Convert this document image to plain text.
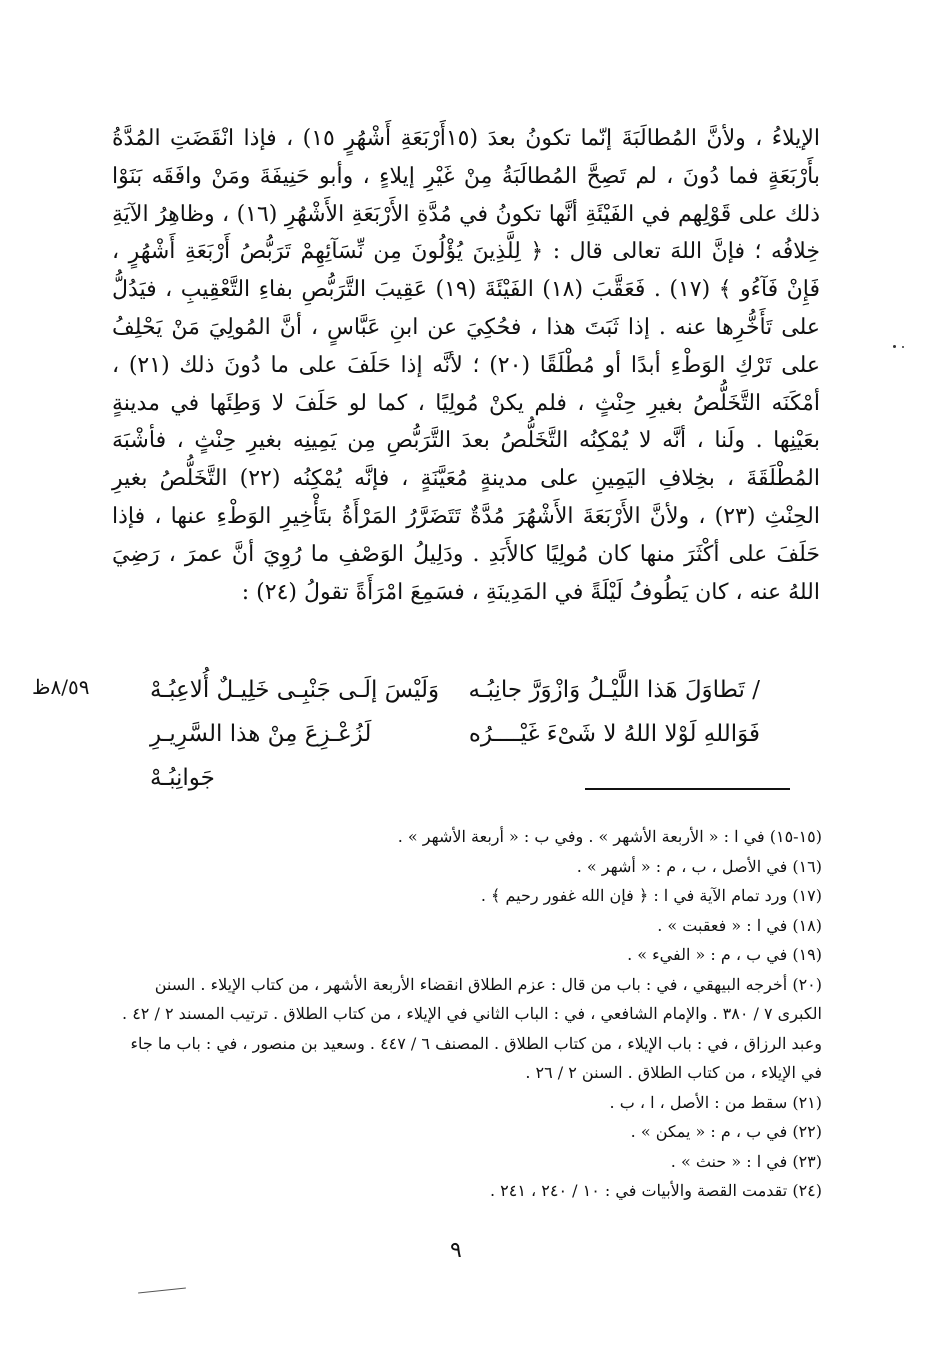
الإيلاءُ ، ولأنَّ المُطالَبَةَ إنّما تكونُ بعدَ (١٥أَرْبَعَةِ أَشْهُرٍ ١٥) ، فإذا انْقَضَتِ المُدَّةُ بأَرْبَعَةٍ فما دُونَ ، لم تَصِحَّ المُطالَبَةُ مِنْ غَيْرِ إيلاءٍ ، وأبو حَنِيفَةَ ومَنْ وافَقَه بَنَوْا ذلك على قَوْلِهم في الفَيْئَةِ أنَّها تكونُ في مُدَّةِ الأَرْبَعَةِ الأَشْهُرِ (١٦) ، وظاهِرُ الآيَةِ خِلافُه ؛ فإنَّ اللهَ تعالى قال : ﴿ لِلَّذِينَ يُؤْلُونَ مِن نِّسَآئِهِمْ تَرَبُّصُ أَرْبَعَةِ أَشْهُرٍ ، فَإِنْ فَآءُو ﴾ (١٧) . فَعَقَّبَ (١٨) الفَيْئَةَ (١٩) عَقِيبَ التَّرَبُّصِ بفاءِ التَّعْقِيبِ ، فيَدُلُّ على تَأَخُّرِها عنه . إذا ثَبَتَ هذا ، فحُكِيَ عن ابنِ عَبَّاسٍ ، أنَّ المُولِيَ مَنْ يَحْلِفُ على تَرْكِ الوَطْءِ أبدًا أو مُطْلَقًا (٢٠) ؛ لأنَّه إذا حَلَفَ على ما دُونَ ذلك (٢١) ، أمْكَنَه التَّخَلُّصُ بغيرِ حِنْثٍ ، فلم يكنْ مُولِيًا ، كما لو حَلَفَ لا وَطِئَها في مدينةٍ بعَيْنِها . ولَنا ، أنَّه لا يُمْكِنُه التَّخَلُّصُ بعدَ التَّرَبُّصِ مِن يَمِينِه بغيرِ حِنْثٍ ، فأشْبَهَ المُطْلَقَةَ ، بخِلافِ اليَمِينِ على مدينةٍ مُعَيَّنَةٍ ، فإنَّه يُمْكِنُه (٢٢) التَّخَلُّصُ بغيرِ الحِنْثِ (٢٣) ، ولأنَّ الأَرْبَعَةَ الأَشْهُرَ مُدَّةٌ تَتَضَرَّرُ المَرْأَةُ بتَأْخِيرِ الوَطْءِ عنها ، فإذا حَلَفَ على أكْثَرَ منها كان مُولِيًا كالأَبَدِ . ودَلِيلُ الوَصْفِ ما رُوِيَ أنَّ عمرَ ، رَضِيَ اللهُ عنه ، كان يَطُوفُ لَيْلَةً في المَدِينَةِ ، فسَمِعَ امْرَأَةً تقولُ (٢٤) :

٨/٥٩ظ	/ تَطاوَلَ هَذا اللَّيْـلُ وَازْوَرَّ جانِبُـه
وَلَيْسَ إلَـى جَنْبِـى خَلِيـلٌ أُلاعِبُـهْ
فَوَاللهِ لَوْلا اللهُ لا شَىْءَ غَيْــــرُه
لَزُعْـزِعَ مِنْ هذا السَّرِيـرِ جَوانِبُـهْ

(١٥-١٥) في ا : « الأربعة الأشهر » . وفي ب : « أربعة الأشهر » .

(١٦) في الأصل ، ب ، م : « أشهر » .

(١٧) ورد تمام الآية في ا : ﴿ فإن الله غفور رحيم ﴾ .

(١٨) في ا : « فعقبت » .

(١٩) في ب ، م : « الفيء » .

(٢٠) أخرجه البيهقي ، في : باب من قال : عزم الطلاق انقضاء الأربعة الأشهر ، من كتاب الإيلاء . السنن الكبرى ٧ / ٣٨٠ . والإمام الشافعي ، في : الباب الثاني في الإيلاء ، من كتاب الطلاق . ترتيب المسند ٢ / ٤٢ . وعبد الرزاق ، في : باب الإيلاء ، من كتاب الطلاق . المصنف ٦ / ٤٤٧ . وسعيد بن منصور ، في : باب ما جاء في الإيلاء ، من كتاب الطلاق . السنن ٢ / ٢٦ .

(٢١) سقط من : الأصل ، ا ، ب .

(٢٢) في ب ، م : « يمكن » .

(٢٣) في ا : « حنث » .

(٢٤) تقدمت القصة والأبيات في : ١٠ / ٢٤٠ ، ٢٤١ .

٩
